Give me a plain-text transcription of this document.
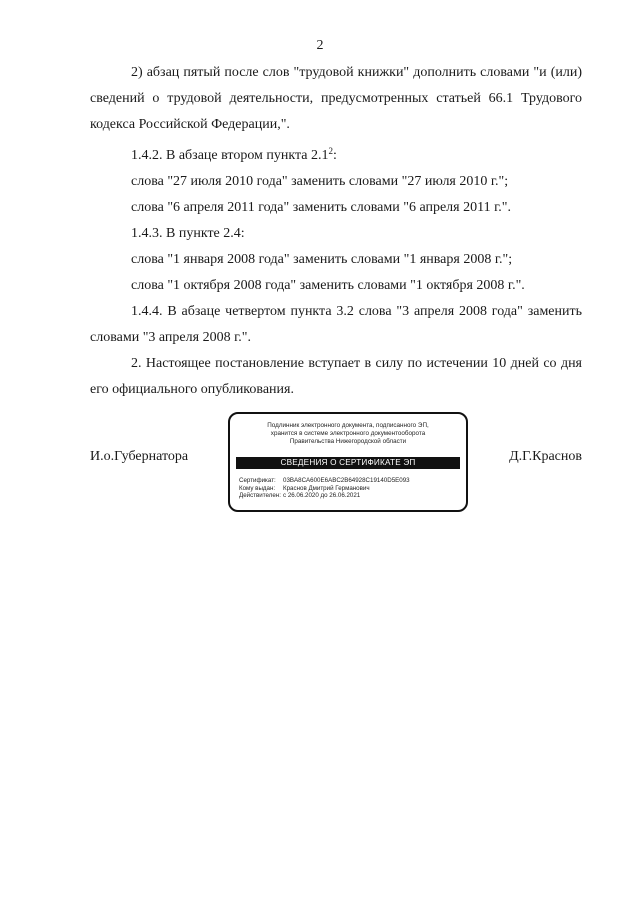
2

2) абзац пятый после слов "трудовой книжки" дополнить словами "и (или) сведений о трудовой деятельности, предусмотренных статьей 66.1 Трудового кодекса Российской Федерации,".

1.4.2. В абзаце втором пункта $2.1^2$:

слова "27 июля 2010 года" заменить словами "27 июля 2010 г.";

слова "6 апреля 2011 года" заменить словами "6 апреля 2011 г.".

1.4.3. В пункте 2.4:

слова "1 января 2008 года" заменить словами "1 января 2008 г.";

слова "1 октября 2008 года" заменить словами "1 октября 2008 г.".

1.4.4. В абзаце четвертом пункта 3.2 слова "3 апреля 2008 года" заменить словами "3 апреля 2008 г.".

2. Настоящее постановление вступает в силу по истечении 10 дней со дня его официального опубликования.

И.о.Губернатора
Подлинник электронного документа, подписанного ЭП,
хранится в системе электронного документооборота
Правительства Нижегородской области
СВЕДЕНИЯ О СЕРТИФИКАТЕ ЭП
Сертификат: 03BA8CA600E6ABC2B64928C19140D5E093
Кому выдан: Краснов Дмитрий Германович
Действителен: с 26.06.2020 до 26.06.2021
Д.Г.Краснов
